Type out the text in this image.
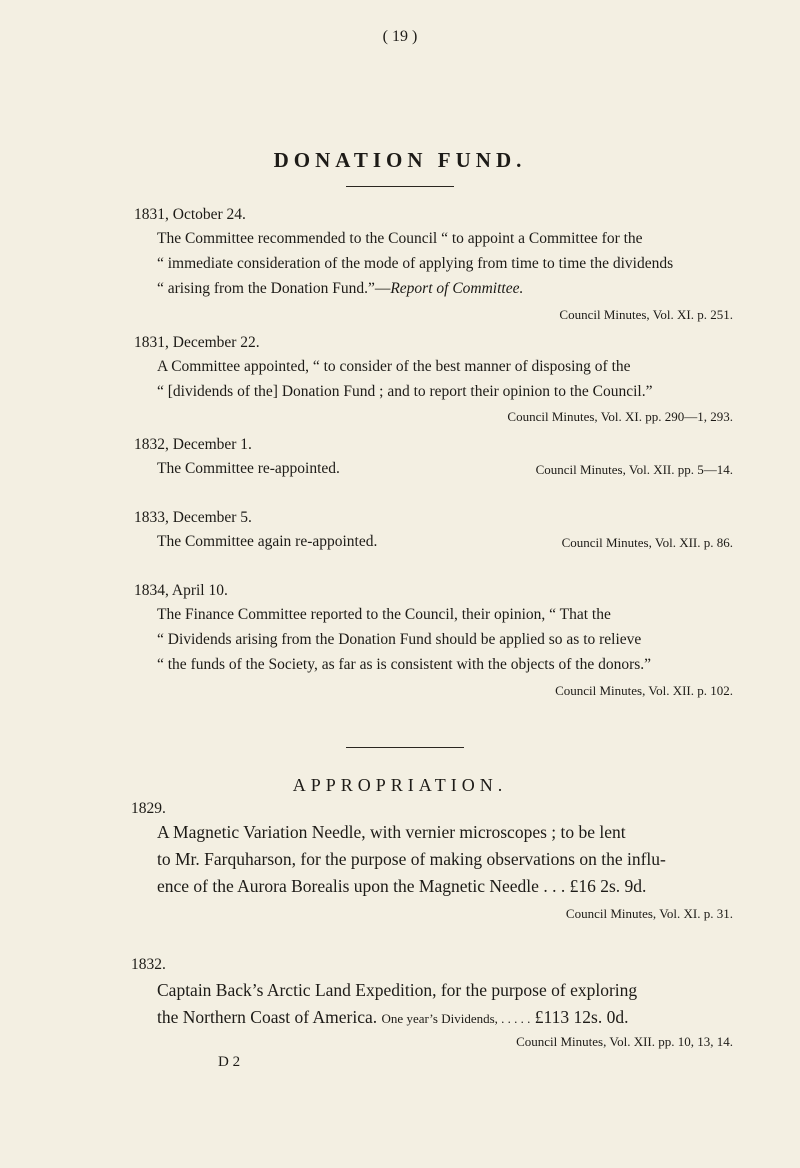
( 19 )
DONATION FUND.
1831, October 24.
The Committee recommended to the Council “ to appoint a Committee for the
“ immediate consideration of the mode of applying from time to time the dividends
“ arising from the Donation Fund.”—Report of Committee.
Council Minutes, Vol. XI. p. 251.
1831, December 22.
A Committee appointed, “ to consider of the best manner of disposing of the
“ [dividends of the] Donation Fund ; and to report their opinion to the Council.”
Council Minutes, Vol. XI. pp. 290—1, 293.
1832, December 1.
The Committee re-appointed.	Council Minutes, Vol. XII. pp. 5—14.
1833, December 5.
The Committee again re-appointed.	Council Minutes, Vol. XII. p. 86.
1834, April 10.
The Finance Committee reported to the Council, their opinion, “ That the
“ Dividends arising from the Donation Fund should be applied so as to relieve
“ the funds of the Society, as far as is consistent with the objects of the donors.”
Council Minutes, Vol. XII. p. 102.
APPROPRIATION.
1829.
A Magnetic Variation Needle, with vernier microscopes ; to be lent
to Mr. Farquharson, for the purpose of making observations on the influ-
ence of the Aurora Borealis upon the Magnetic Needle . . . £16 2s. 9d.
Council Minutes, Vol. XI. p. 31.
1832.
Captain Back’s Arctic Land Expedition, for the purpose of exploring
the Northern Coast of America. One year’s Dividends, . . . . . £113 12s. 0d.
Council Minutes, Vol. XII. pp. 10, 13, 14.
D 2
